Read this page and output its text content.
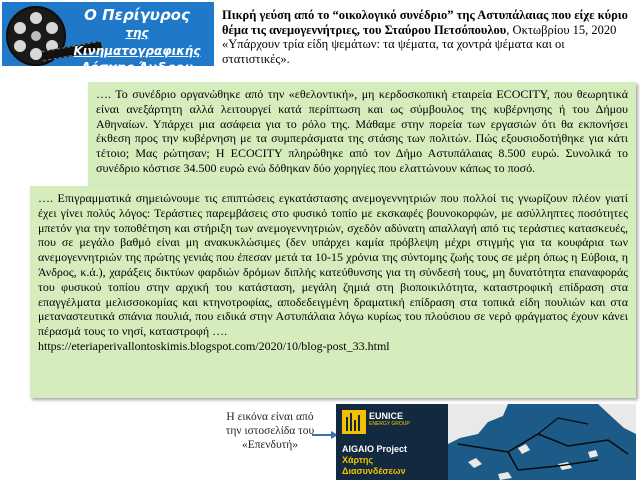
Ο Περίγυρος
της Κινηματογραφικής
Λέσχης Άνδρου
Πικρή γεύση από το “οικολογικό συνέδριο” της Αστυπάλαιας που είχε κύριο θέμα τις ανεμογεννήτριες, του Σταύρου Πετσόπουλου, Οκτωβρίου 15, 2020 «Υπάρχουν τρία είδη ψεμάτων: τα ψέματα, τα χοντρά ψέματα και οι στατιστικές».
…. Το συνέδριο οργανώθηκε από την «εθελοντική», μη κερδοσκοπική εταιρεία ECOCITY, που θεωρητικά είναι ανεξάρτητη αλλά λειτουργεί κατά περίπτωση και ως σύμβουλος της κυβέρνησης ή του Δήμου Αθηναίων. Υπάρχει μια ασάφεια για το ρόλο της. Μάθαμε στην πορεία των εργασιών ότι θα εκπονήσει έκθεση προς την κυβέρνηση με τα συμπεράσματα της στάσης των πολιτών. Πώς εξουσιοδοτήθηκε για κάτι τέτοιο; Μας ρώτησαν; Η ECOCITY πληρώθηκε από τον Δήμο Αστυπάλαιας 8.500 ευρώ. Συνολικά το συνέδριο κόστισε 34.500 ευρώ ενώ δόθηκαν δύο χορηγίες που ελαττώνουν κάπως το ποσό.
…. Επιγραμματικά σημειώνουμε τις επιπτώσεις εγκατάστασης ανεμογεννητριών που πολλοί τις γνωρίζουν πλέον γιατί έχει γίνει πολύς λόγος: Τεράστιες παρεμβάσεις στο φυσικό τοπίο με εκσκαφές βουνοκορφών, με ασύλληπτες ποσότητες μπετόν για την τοποθέτηση και στήριξη των ανεμογεννητριών, σχεδόν αδύνατη απαλλαγή από τις τεράστιες κατασκευές, που σε μεγάλο βαθμό είναι μη ανακυκλώσιμες (δεν υπάρχει καμία πρόβλεψη μέχρι στιγμής για τα κουφάρια των ανεμογεννητριών της πρώτης γενιάς που έπεσαν μετά τα 10-15 χρόνια της σύντομης ζωής τους σε μέρη όπως η Εύβοια, η Άνδρος, κ.ά.), χαράξεις δικτύων φαρδιών δρόμων διπλής κατεύθυνσης για τη σύνδεσή τους, μη δυνατότητα επαναφοράς του φυσικού τοπίου στην αρχική του κατάσταση, μεγάλη ζημιά στη βιοποικιλότητα, καταστροφική επίδραση στα επαγγέλματα μελισσοκομίας και κτηνοτροφίας, αποδεδειγμένη δραματική επίδραση στα τοπικά είδη πουλιών και στα μεταναστευτικά σπάνια πουλιά, που ειδικά στην Αστυπάλαια λόγω κυρίως του πλούσιου σε νερό φράγματος έχουν κάνει πέρασμά τους το νησί, καταστροφή ….
https://eteriaperivallontoskimis.blogspot.com/2020/10/blog-post_33.html
Η εικόνα είναι από την ιστοσελίδα του «Επενδυτή»
EUNICE
ENERGY GROUP
AIGAIO Project
Χάρτης
Διασυνδέσεων
